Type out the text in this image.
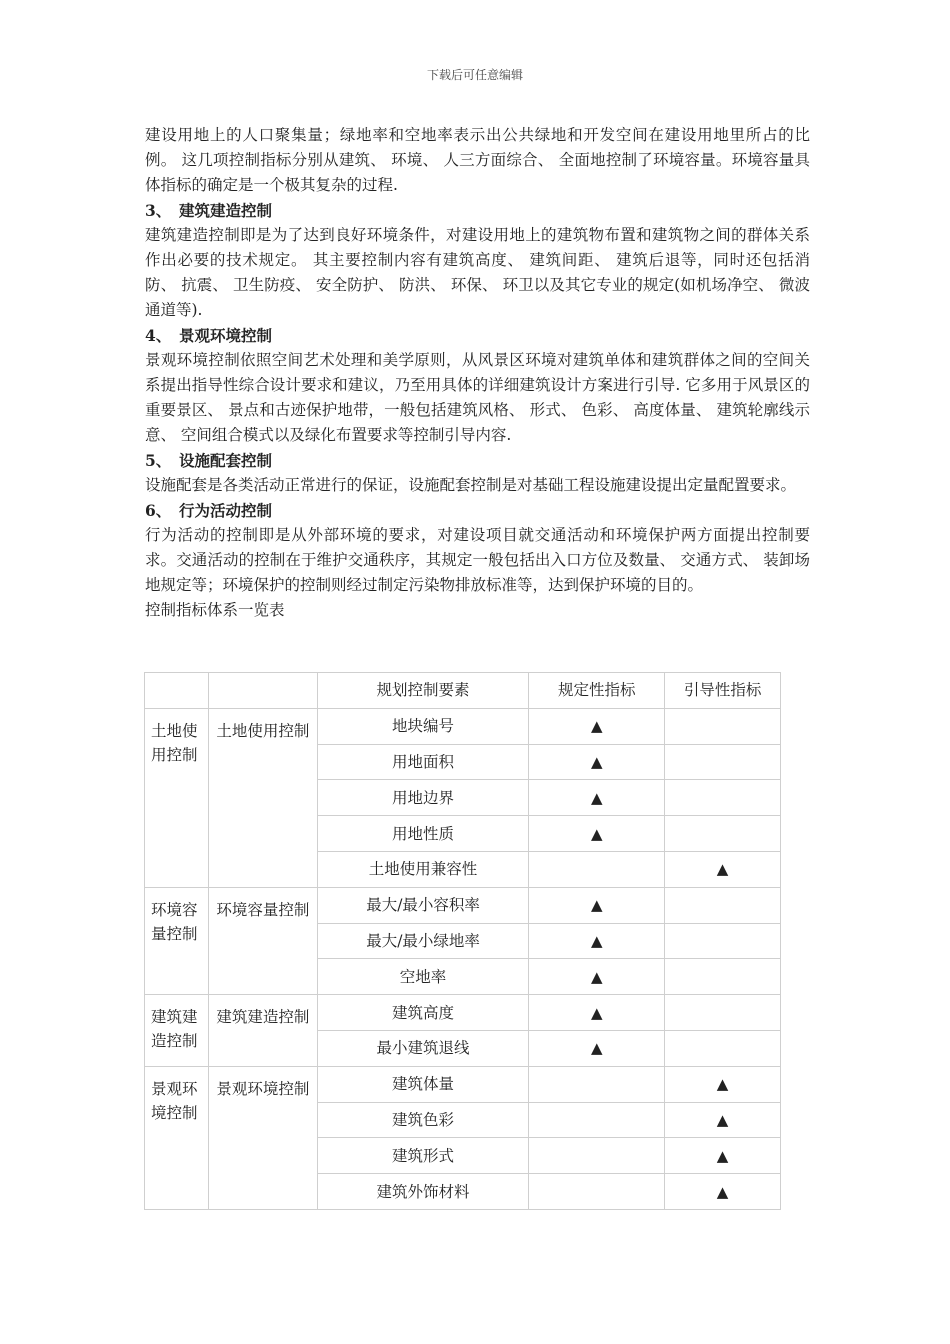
下载后可任意编辑

建设用地上的人口聚集量；绿地率和空地率表示出公共绿地和开发空间在建设用地里所占的比例。 这几项控制指标分别从建筑、 环境、 人三方面综合、 全面地控制了环境容量。环境容量具体指标的确定是一个极其复杂的过程.

3、 建筑建造控制

建筑建造控制即是为了达到良好环境条件，对建设用地上的建筑物布置和建筑物之间的群体关系作出必要的技术规定。 其主要控制内容有建筑高度、 建筑间距、 建筑后退等，同时还包括消防、 抗震、 卫生防疫、 安全防护、 防洪、 环保、 环卫以及其它专业的规定(如机场净空、 微波通道等).

4、 景观环境控制

景观环境控制依照空间艺术处理和美学原则，从风景区环境对建筑单体和建筑群体之间的空间关系提出指导性综合设计要求和建议，乃至用具体的详细建筑设计方案进行引导. 它多用于风景区的重要景区、 景点和古迹保护地带，一般包括建筑风格、 形式、 色彩、 高度体量、 建筑轮廓线示意、 空间组合模式以及绿化布置要求等控制引导内容.

5、 设施配套控制

设施配套是各类活动正常进行的保证，设施配套控制是对基础工程设施建设提出定量配置要求。

6、 行为活动控制

行为活动的控制即是从外部环境的要求，对建设项目就交通活动和环境保护两方面提出控制要求。交通活动的控制在于维护交通秩序，其规定一般包括出入口方位及数量、 交通方式、 装卸场地规定等；环境保护的控制则经过制定污染物排放标准等，达到保护环境的目的。

控制指标体系一览表

		规划控制要素	规定性指标	引导性指标
土地使用控制	土地使用控制	地块编号	▲	
		用地面积	▲	
		用地边界	▲	
		用地性质	▲	
		土地使用兼容性		▲
环境容量控制	环境容量控制	最大/最小容积率	▲	
		最大/最小绿地率	▲	
		空地率	▲	
建筑建造控制	建筑建造控制	建筑高度	▲	
		最小建筑退线	▲	
景观环境控制	景观环境控制	建筑体量		▲
		建筑色彩		▲
		建筑形式		▲
		建筑外饰材料		▲
